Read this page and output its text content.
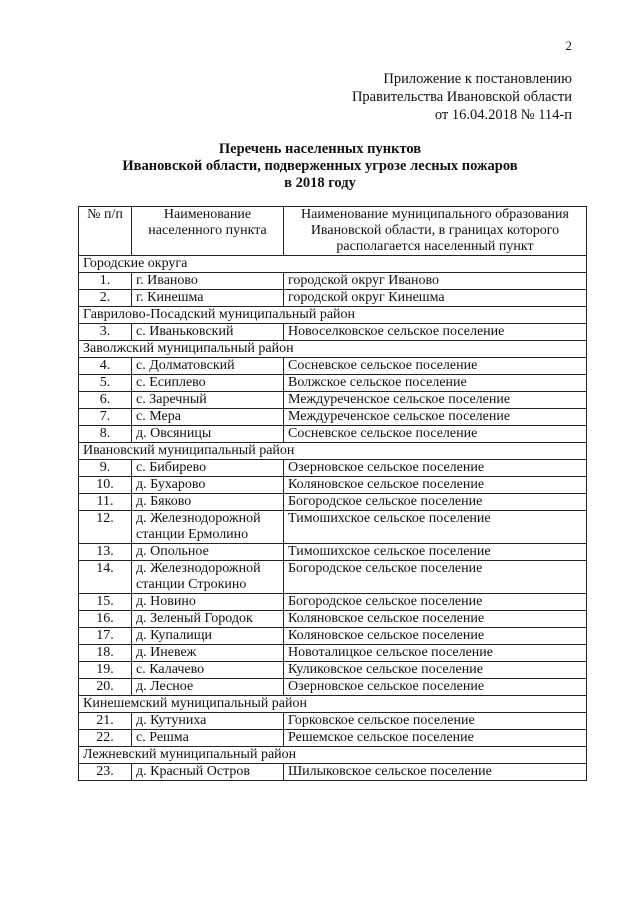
2
Приложение к постановлению
Правительства Ивановской области
от 16.04.2018 № 114-п
Перечень населенных пунктов
Ивановской области, подверженных угрозе лесных пожаров
в 2018 году
№ п/п	Наименование населенного пункта	Наименование муниципального образования Ивановской области, в границах которого располагается населенный пункт
Городские округа		
1.	г. Иваново	городской округ Иваново
2.	г. Кинешма	городской округ Кинешма
Гаврилово-Посадский муниципальный район		
3.	с. Иваньковский	Новоселковское сельское поселение
Заволжский муниципальный район		
4.	с. Долматовский	Сосневское сельское поселение
5.	с. Есиплево	Волжское сельское поселение
6.	с. Заречный	Междуреченское сельское поселение
7.	с. Мера	Междуреченское сельское поселение
8.	д. Овсяницы	Сосневское сельское поселение
Ивановский муниципальный район		
9.	с. Бибирево	Озерновское сельское поселение
10.	д. Бухарово	Коляновское сельское поселение
11.	д. Бяково	Богородское сельское поселение
12.	д. Железнодорожной станции Ермолино	Тимошихское сельское поселение
13.	д. Опольное	Тимошихское сельское поселение
14.	д. Железнодорожной станции Строкино	Богородское сельское поселение
15.	д. Новино	Богородское сельское поселение
16.	д. Зеленый Городок	Коляновское сельское поселение
17.	д. Купалищи	Коляновское сельское поселение
18.	д. Иневеж	Новоталицкое сельское поселение
19.	с. Калачево	Куликовское сельское поселение
20.	д. Лесное	Озерновское сельское поселение
Кинешемский муниципальный район		
21.	д. Кутуниха	Горковское сельское поселение
22.	с. Решма	Решемское сельское поселение
Лежневский муниципальный район		
23.	д. Красный Остров	Шилыковское сельское поселение
